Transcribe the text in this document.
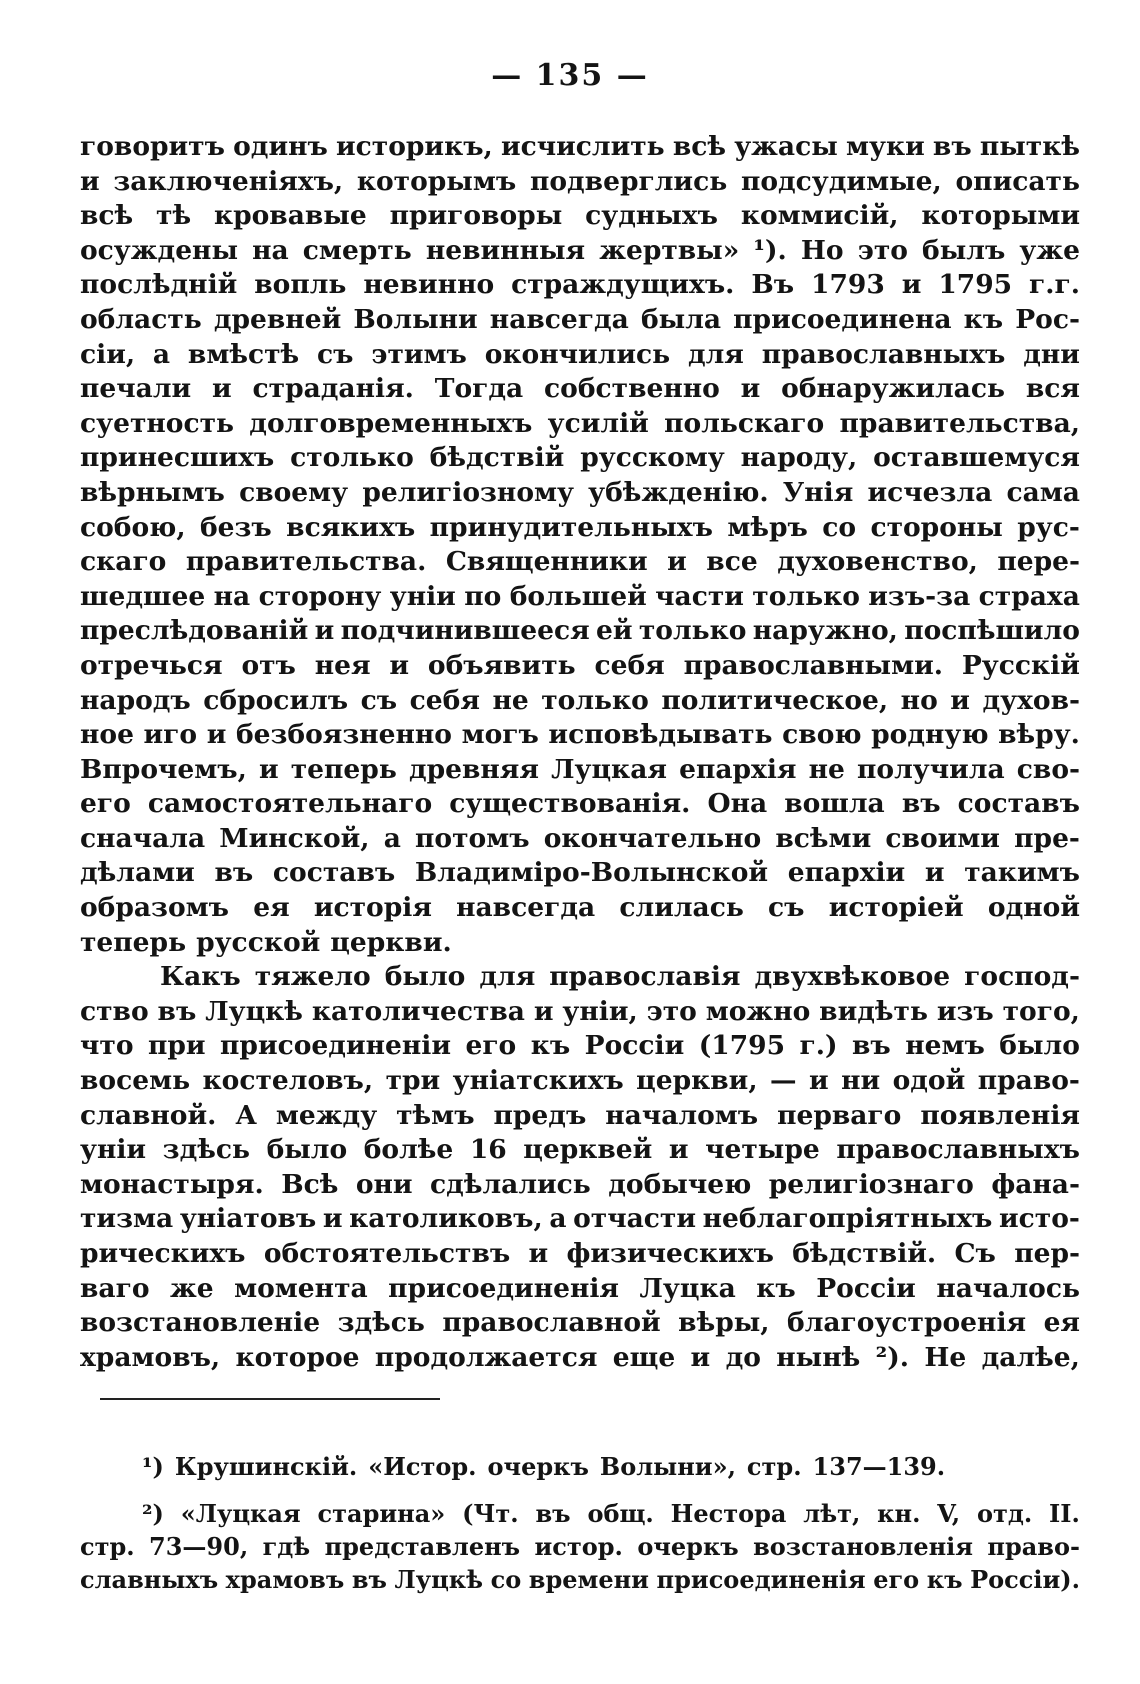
— 135 —
говоритъ одинъ историкъ, исчислить всѣ ужасы муки въ пыткѣ
и заключеніяхъ, которымъ подверглись подсудимые, описать
всѣ тѣ кровавые приговоры судныхъ коммисій, которыми
осуждены на смерть невинныя жертвы» ¹). Но это былъ уже
послѣдній вопль невинно страждущихъ. Въ 1793 и 1795 г.г.
область древней Волыни навсегда была присоединена къ Рос-
сіи, а вмѣстѣ съ этимъ окончились для православныхъ дни
печали и страданія. Тогда собственно и обнаружилась вся
суетность долговременныхъ усилій польскаго правительства,
принесшихъ столько бѣдствій русскому народу, оставшемуся
вѣрнымъ своему религіозному убѣжденію. Унія исчезла сама
собою, безъ всякихъ принудительныхъ мѣръ со стороны рус-
скаго правительства. Священники и все духовенство, пере-
шедшее на сторону уніи по большей части только изъ-за страха
преслѣдованій и подчинившееся ей только наружно, поспѣшило
отречься отъ нея и объявить себя православными. Русскій
народъ сбросилъ съ себя не только политическое, но и духов-
ное иго и безбоязненно могъ исповѣдывать свою родную вѣру.
Впрочемъ, и теперь древняя Луцкая епархія не получила сво-
его самостоятельнаго существованія. Она вошла въ составъ
сначала Минской, а потомъ окончательно всѣми своими пре-
дѣлами въ составъ Владиміро-Волынской епархіи и такимъ
образомъ ея исторія навсегда слилась съ исторіей одной
теперь русской церкви.
Какъ тяжело было для православія двухвѣковое господ-
ство въ Луцкѣ католичества и уніи, это можно видѣть изъ того,
что при присоединеніи его къ Россіи (1795 г.) въ немъ было
восемь костеловъ, три уніатскихъ церкви, — и ни одой право-
славной. А между тѣмъ предъ началомъ перваго появленія
уніи здѣсь было болѣе 16 церквей и четыре православныхъ
монастыря. Всѣ они сдѣлались добычею религіознаго фана-
тизма уніатовъ и католиковъ, а отчасти неблагопріятныхъ исто-
рическихъ обстоятельствъ и физическихъ бѣдствій. Съ пер-
ваго же момента присоединенія Луцка къ Россіи началось
возстановленіе здѣсь православной вѣры, благоустроенія ея
храмовъ, которое продолжается еще и до нынѣ ²). Не далѣе,
¹) Крушинскій. «Истор. очеркъ Волыни», стр. 137—139.
²) «Луцкая старина» (Чт. въ общ. Нестора лѣт, кн. V, отд. II.
стр. 73—90, гдѣ представленъ истор. очеркъ возстановленія право-
славныхъ храмовъ въ Луцкѣ со времени присоединенія его къ Россіи).
